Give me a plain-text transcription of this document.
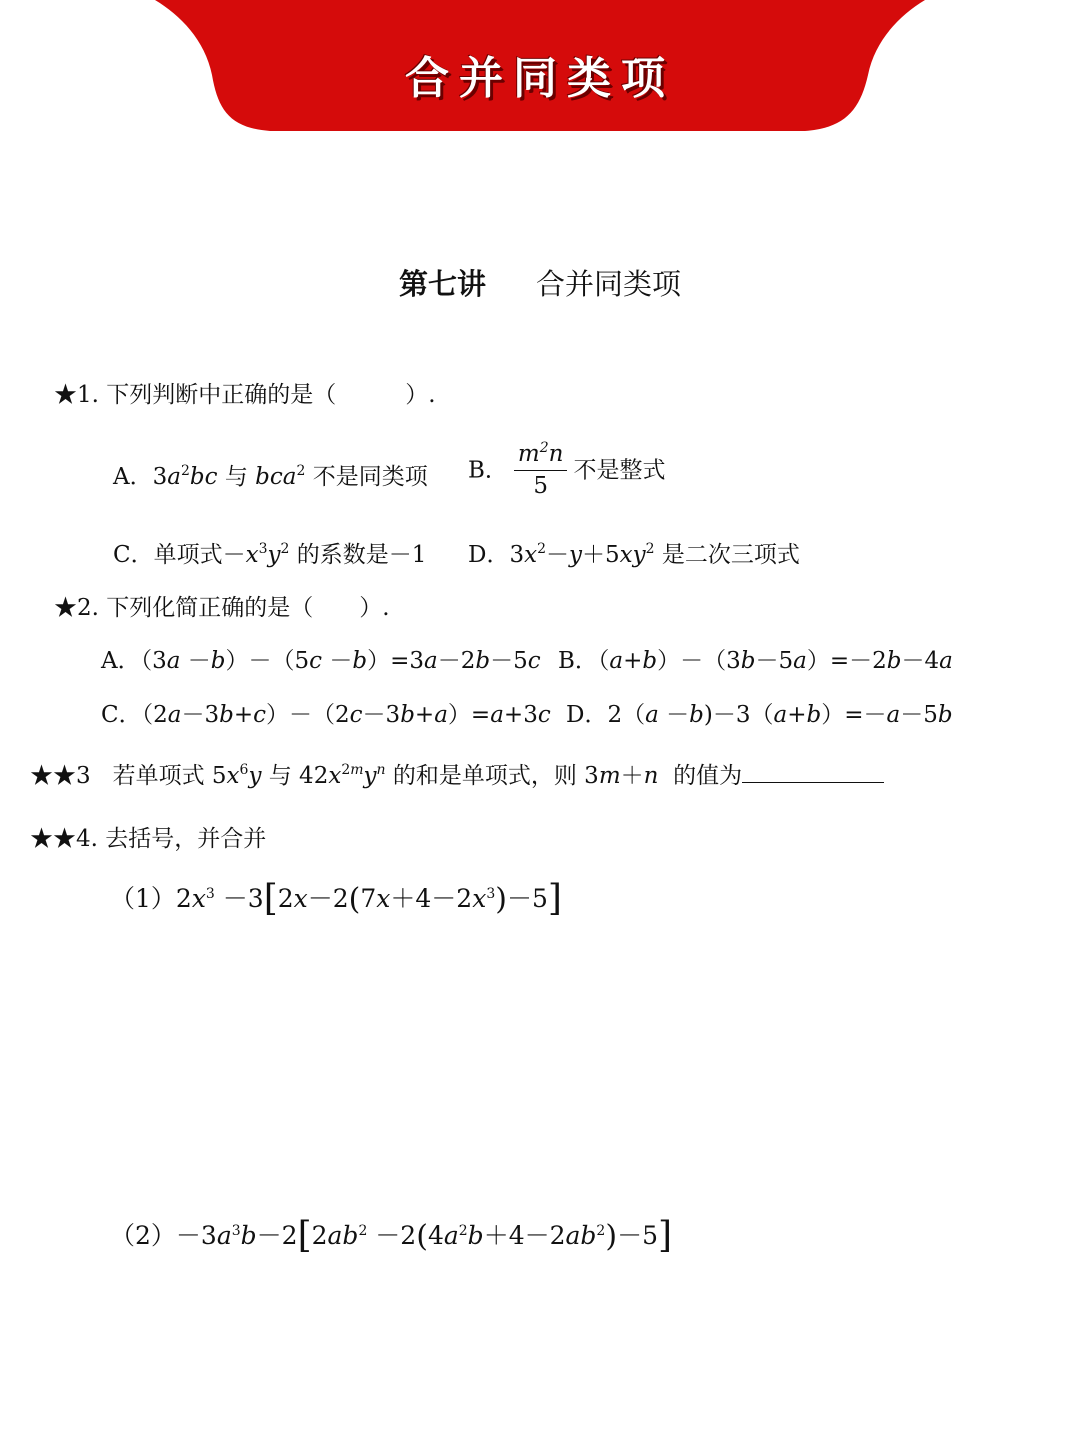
合并同类项
第七讲 合并同类项
★1. 下列判断中正确的是（　　　）.
A．$3a^2bc$ 与 bca$^2$ 不是同类项 B． $\frac{m^2n}{5}$ 不是整式
C．单项式$-x^3y^2$ 的系数是－1 D．$3x^2-y+5xy^2$ 是二次三项式
★2. 下列化简正确的是（　　）.
A．（3a －b）－（5c －b）=3a－2b－5c B．（a+b）－（3b－5a）=－2b－4a
C．（2a－3b+c）－（2c－3b+a）=a+3c D．2（a －b)－3（a+b）=－a－5b
★★3 若单项式 $5x^6y$ 与 $42x^{2m}y^n$ 的和是单项式，则 3m＋n 的值为
★★4. 去括号，并合并
$(1)2x^3 -3[2x-2(7x+4-2x^3)-5]$
$(2)-3a^3b-2[2ab^2 -2(4a^2b+4-2ab^2)-5]$
